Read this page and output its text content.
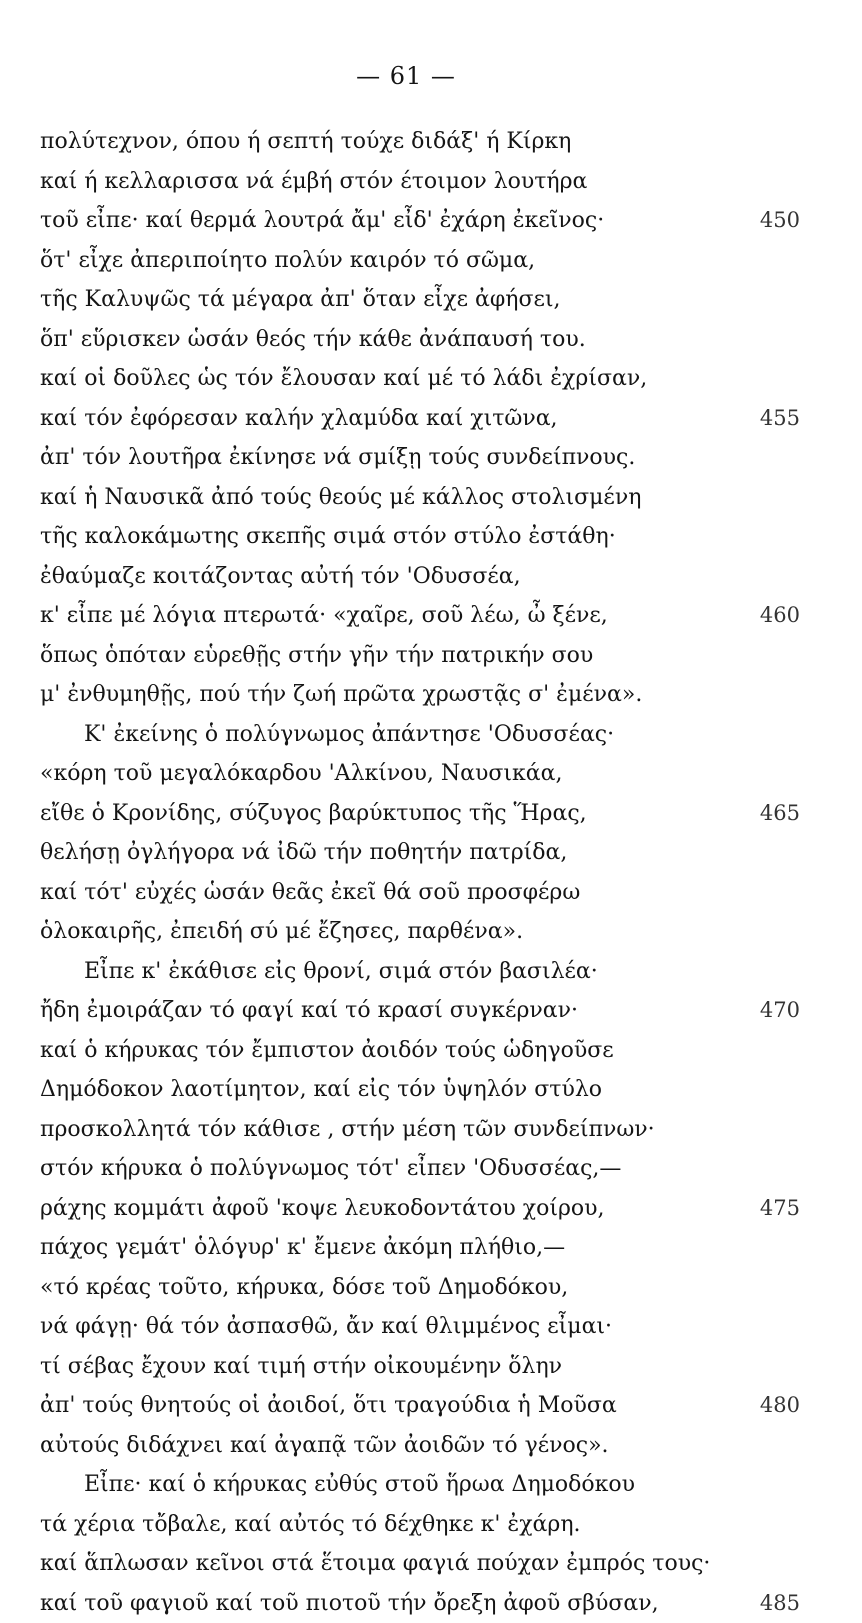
— 61 —
πολύτεχνον, όπου ή σεπτή τούχε διδάξ' ή Κίρκη
καί ή κελλαρισσα νά έμβή στόν έτοιμον λουτήρα
τοῦ εἶπε· καί θερμά λουτρά ἄμ' εἶδ' ἐχάρη ἐκεῖνος·	450
ὅτ' εἶχε ἀπεριποίητο πολύν καιρόν τό σῶμα,
τῆς Καλυψῶς τά μέγαρα ἀπ' ὅταν εἶχε ἀφήσει,
ὅπ' εὕρισκεν ὡσάν θεός τήν κάθε ἀνάπαυσή του.
καί οἱ δοῦλες ὡς τόν ἔλουσαν καί μέ τό λάδι ἐχρίσαν,
καί τόν ἐφόρεσαν καλήν χλαμύδα καί χιτῶνα,	455
ἀπ' τόν λουτῆρα ἐκίνησε νά σμίξῃ τούς συνδείπνους.
καί ἡ Ναυσικᾶ ἀπό τούς θεούς μέ κάλλος στολισμένη
τῆς καλοκάμωτης σκεπῆς σιμά στόν στύλο ἐστάθη·
ἐθαύμαζε κοιτάζοντας αὐτή τόν 'Οδυσσέα,
κ' εἶπε μέ λόγια πτερωτά· «χαῖρε, σοῦ λέω, ὦ ξένε,	460
ὅπως ὁπόταν εὑρεθῇς στήν γῆν τήν πατρικήν σου
μ' ἐνθυμηθῇς, πού τήν ζωή πρῶτα χρωστᾷς σ' ἐμένα».
Κ' ἐκείνης ὁ πολύγνωμος ἀπάντησε 'Οδυσσέας·
«κόρη τοῦ μεγαλόκαρδου 'Αλκίνου, Ναυσικάα,
εἴθε ὁ Κρονίδης, σύζυγος βαρύκτυπος τῆς Ἥρας,	465
θελήσῃ ὀγλήγορα νά ἰδῶ τήν ποθητήν πατρίδα,
καί τότ' εὐχές ὡσάν θεᾶς ἐκεῖ θά σοῦ προσφέρω
ὁλοκαιρῆς, ἐπειδή σύ μέ ἔζησες, παρθένα».
Εἶπε κ' ἐκάθισε εἰς θρονί, σιμά στόν βασιλέα·
ἤδη ἐμοιράζαν τό φαγί καί τό κρασί συγκέρναν·	470
καί ὁ κήρυκας τόν ἔμπιστον ἀοιδόν τούς ὡδηγοῦσε
Δημόδοκον λαοτίμητον, καί εἰς τόν ὑψηλόν στύλο
προσκολλητά τόν κάθισε , στήν μέση τῶν συνδείπνων·
στόν κήρυκα ὁ πολύγνωμος τότ' εἶπεν 'Οδυσσέας,—
ράχης κομμάτι ἀφοῦ 'κοψε λευκοδοντάτου χοίρου,	475
πάχος γεμάτ' ὁλόγυρ' κ' ἔμενε ἀκόμη πλήθιο,—
«τό κρέας τοῦτο, κήρυκα, δόσε τοῦ Δημοδόκου,
νά φάγῃ· θά τόν ἀσπασθῶ, ἄν καί θλιμμένος εἶμαι·
τί σέβας ἔχουν καί τιμή στήν οἰκουμένην ὅλην
ἀπ' τούς θνητούς οἱ ἀοιδοί, ὅτι τραγούδια ἡ Μοῦσα	480
αὐτούς διδάχνει καί ἀγαπᾷ τῶν ἀοιδῶν τό γένος».
Εἶπε· καί ὁ κήρυκας εὐθύς στοῦ ἥρωα Δημοδόκου
τά χέρια τὄβαλε, καί αὐτός τό δέχθηκε κ' ἐχάρη.
καί ἅπλωσαν κεῖνοι στά ἕτοιμα φαγιά πούχαν ἐμπρός τους·
καί τοῦ φαγιοῦ καί τοῦ πιοτοῦ τήν ὄρεξη ἀφοῦ σβύσαν,	485
